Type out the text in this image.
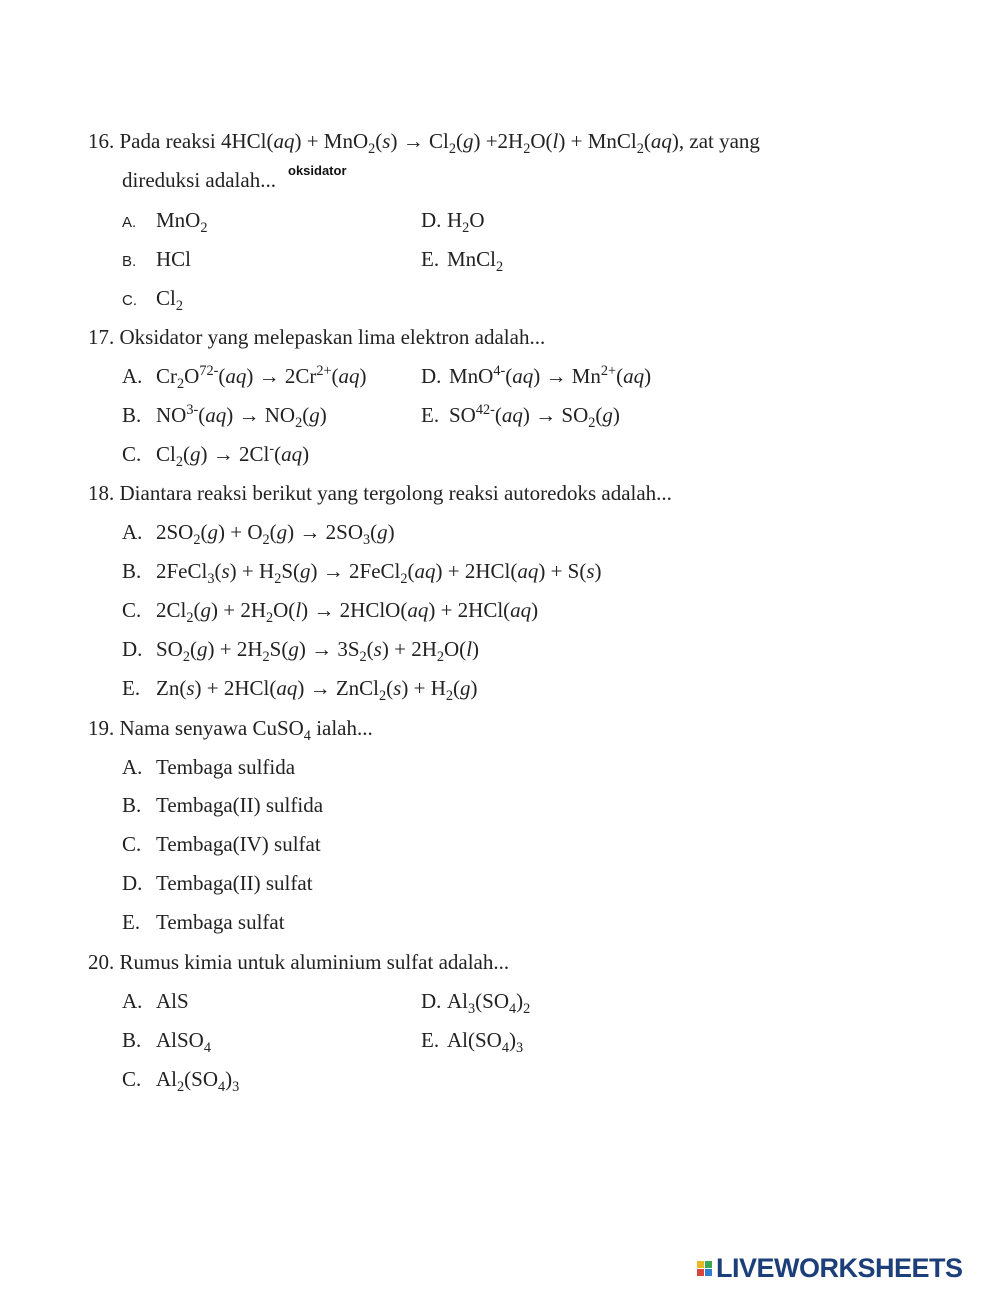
16. Pada reaksi $4HCl(aq) + MnO_2(s) \to Cl_2(g) +2H_2O(l)$ + MnCl$_2$(aq), zat yang
direduksi adalah... oksidator
A. MnO$_2$	D. $H_2O$
B. HCl	E. MnCl$_2$
C. $Cl_2$
17. Oksidator yang melepaskan lima elektron adalah...
A. $Cr_2O^{72-}(aq) \to 2Cr^{2+}(aq)$	D. $MnO^{4-}(aq) \to Mn^{2+}(aq)$
B. $NO^{3-}(aq) \to NO_2(g)$	E. $SO^{42-}(aq) \to SO_2(g)$
C. $Cl_2(g) \to 2Cl^-(aq)$
18. Diantara reaksi berikut yang tergolong reaksi autoredoks adalah...
A. $2SO_2(g) + O_2(g) \to 2SO_3(g)$
B. 2FeCl$_3$(s) + $H_2S(g)$ → 2FeCl$_2$(aq) + 2HCl(aq) + S(s)
C. $2Cl_2(g) + 2H_2O(l)$ → 2HClO(aq) + 2HCl(aq)
D. $SO_2(g) + 2H_2S(g) \to 3S_2(s) + 2H_2O(l)$
E. Zn(s) + 2HCl(aq) → ZnCl$_2$(s) + $H_2(g)$
19. Nama senyawa CuSO$_4$ ialah...
A. Tembaga sulfida
B. Tembaga(II) sulfida
C. Tembaga(IV) sulfat
D. Tembaga(II) sulfat
E. Tembaga sulfat
20. Rumus kimia untuk aluminium sulfat adalah...
A. AlS	D. $Al_3(SO_4)_2$
B. AlSO$_4$	E. $Al(SO_4)_3$
C. $Al_2(SO_4)_3$
LIVEWORKSHEETS
